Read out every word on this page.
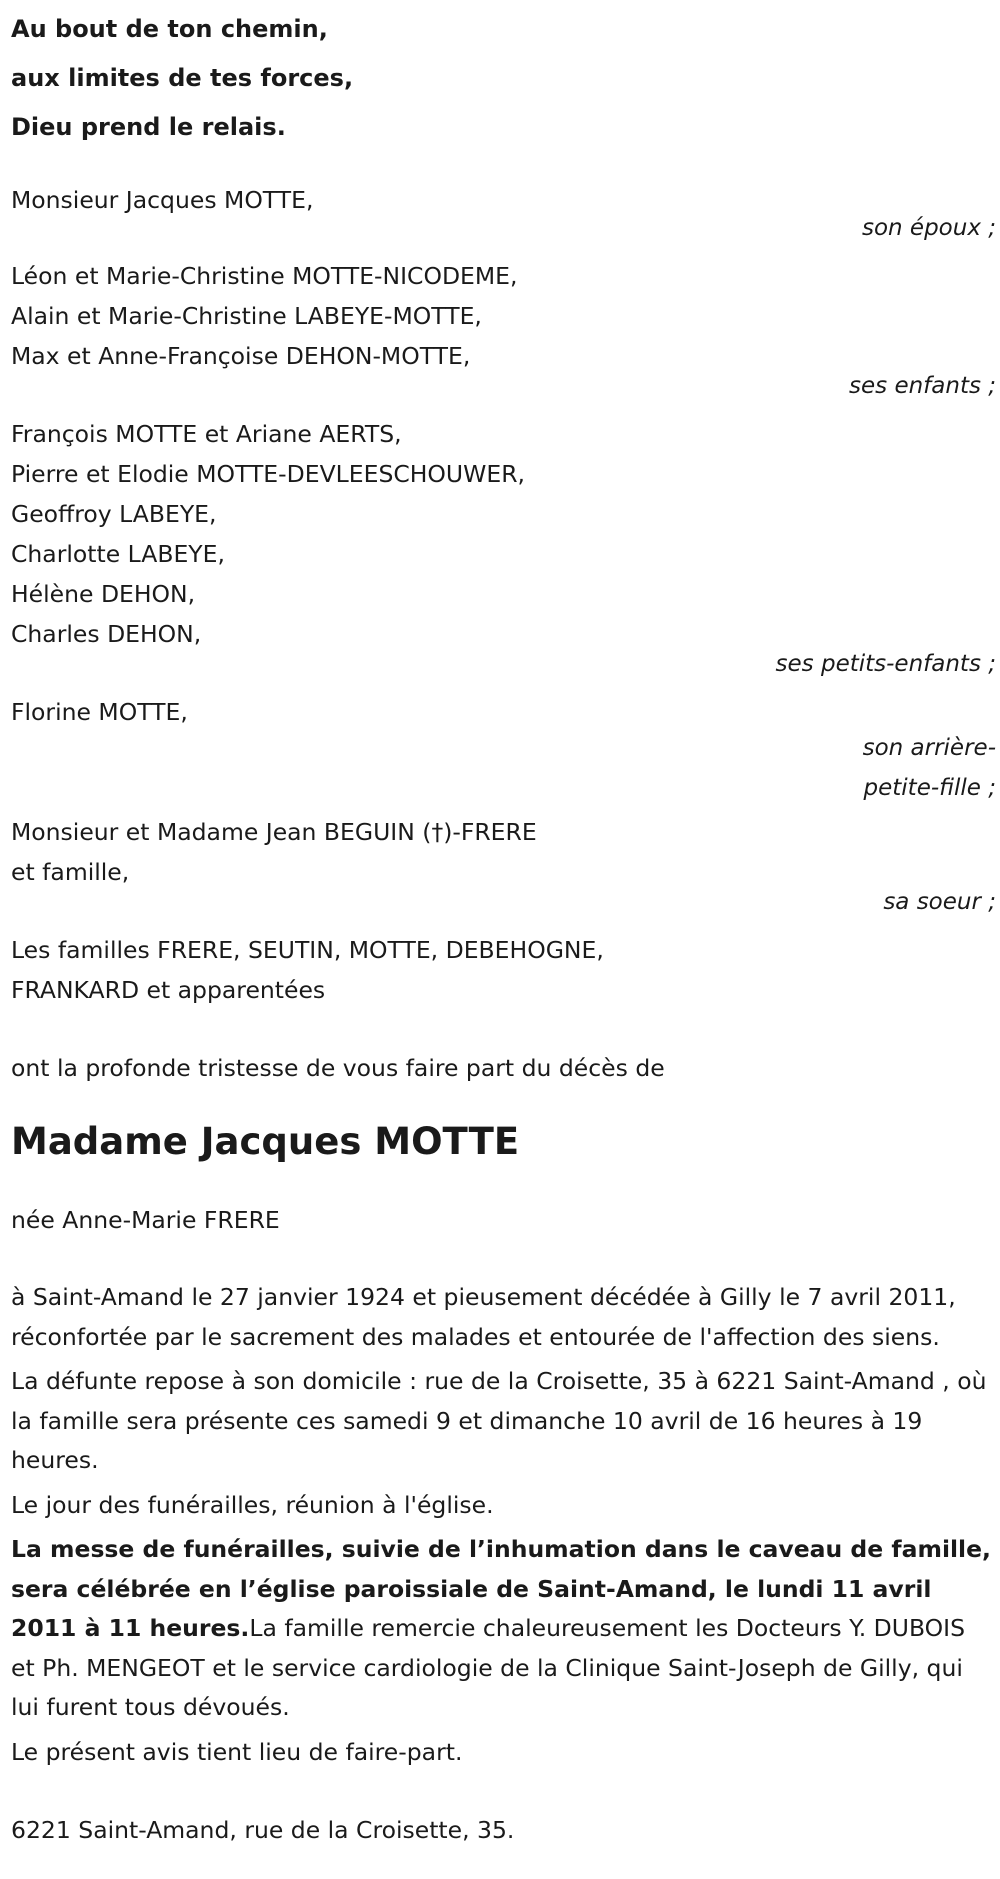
Au bout de ton chemin,
aux limites de tes forces,
Dieu prend le relais.
Monsieur Jacques MOTTE,
son époux ;
Léon et Marie-Christine MOTTE-NICODEME,
Alain et Marie-Christine LABEYE-MOTTE,
Max et Anne-Françoise DEHON-MOTTE,
ses enfants ;
François MOTTE et Ariane AERTS,
Pierre et Elodie MOTTE-DEVLEESCHOUWER,
Geoffroy LABEYE,
Charlotte LABEYE,
Hélène DEHON,
Charles DEHON,
ses petits-enfants ;
Florine MOTTE,
son arrière-
petite-fille ;
Monsieur et Madame Jean BEGUIN (†)-FRERE
et famille,
sa soeur ;
Les familles FRERE, SEUTIN, MOTTE, DEBEHOGNE,
FRANKARD et apparentées
ont la profonde tristesse de vous faire part du décès de
Madame Jacques MOTTE
née Anne-Marie FRERE
à Saint-Amand le 27 janvier 1924 et pieusement décédée à Gilly le 7 avril 2011, réconfortée par le sacrement des malades et entourée de l'affection des siens.
La défunte repose à son domicile : rue de la Croisette, 35 à 6221 Saint-Amand , où la famille sera présente ces samedi 9 et dimanche 10 avril de 16 heures à 19 heures.
Le jour des funérailles, réunion à l'église.
La messe de funérailles, suivie de l’inhumation dans le caveau de famille, sera célébrée en l’église paroissiale de Saint-Amand, le lundi 11 avril 2011 à 11 heures.La famille remercie chaleureusement les Docteurs Y. DUBOIS et Ph. MENGEOT et le service cardiologie de la Clinique Saint-Joseph de Gilly, qui lui furent tous dévoués.
Le présent avis tient lieu de faire-part.
6221 Saint-Amand, rue de la Croisette, 35.
